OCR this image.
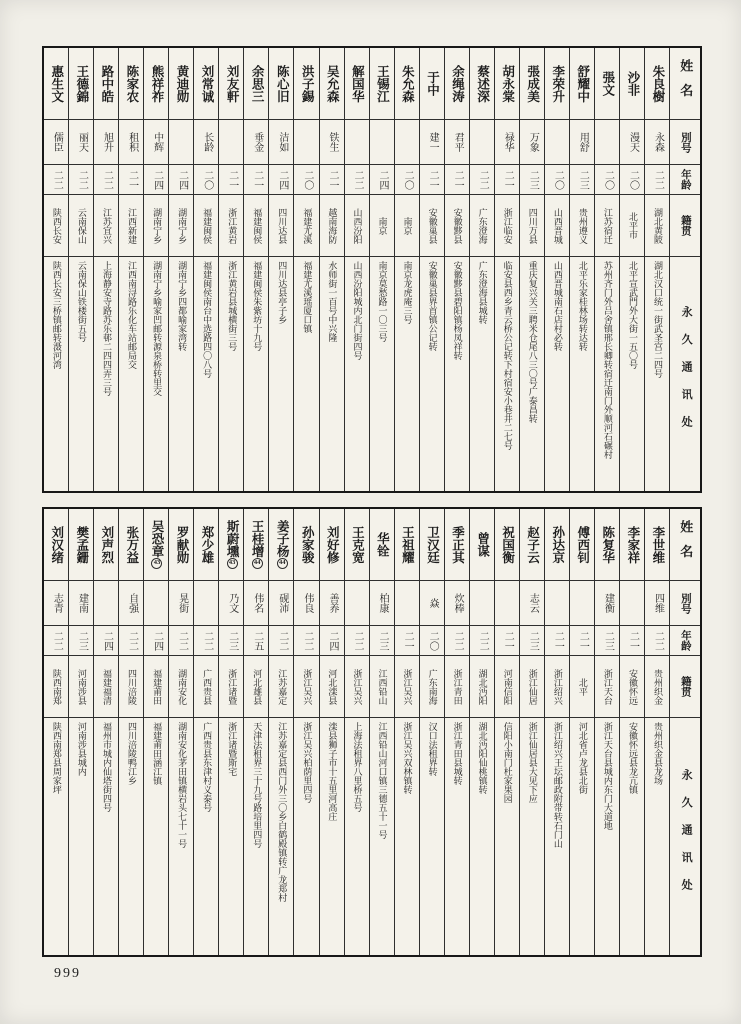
惠生文
儒臣
二二
陕西长安
陕西长安三桥镇邮转滠河湾
王德錦
丽天
二二
云南保山
云南保山铁楼街五号
路中皓
旭升
二二
江苏宜兴
上海静安寺路苏乐邨二四四弄三号
陈家农
租积
二一
江西新建
江西南浔路乐化车站邮局交
熊祥祚
中辉
二四
湖南宁乡
湖南宁乡喻家凹邮转源泉桥转里交
黄迪勋
二四
湖南宁乡
湖南宁乡四都喻家湾转
刘常诚
长龄
二〇
福建闽侯
福建闽侯南台中选路四〇八号
刘友軒
二一
浙江黄岩
浙江黄岩县城横街三号
余思三
垂金
二一
福建闽侯
福建闽侯朱紫坊十九号
陈心旧
洁如
二四
四川达县
四川达县亭子乡
洪子錫
二〇
福建尤溪
福建尤溪瑶厦口镇
吴允森
铁生
二一
越南海防
水师街一百号中兴隆
解国华
二二
山西汾阳
山西汾阳城内北门街四号
王锡江
二四
南京
南京莫愁路一〇三号
朱允森
二〇
南京
南京龙虎庵三号
于中
建一
二一
安徽巢县
安徽巢县界首镇公记转
余绳涛
君平
二一
安徽黟县
安徽黟县碧阳镇杨凤祥转
蔡述深
二二
广东澄海
广东澄海县城转
胡永棠
禄华
二一
浙江临安
临安县西乡青云桥公记转下村宿安小巷井二七号
張成美
万象
二三
四川万县
重庆复兴关三聘米仓尾八三〇号广泰昌转
李荣升
二〇
山西晋城
山西晋城南石店村必转
舒耀中
用舒
二三
贵州遵义
北平乐家桂林场转达转
張文
二〇
江苏宿迁
苏州齐门外吕舍镇邢长卿转宿迁南门外顺河石碾村
沙非
漫天
二〇
北平市
北平宣武門外大街一五〇号
朱良樹
永森
二二
湖北黄陂
湖北汉口统一街武圣宫二四号
姓名
別号
年龄
籍贯
永久通讯处
刘汉绪
志青
二二
陕西南郑
陕西南郑县周家坪
樊孟銏
建南
二三
河南涉县
河南涉县城内
刘声烈
二四
福建福清
福州市城内仙塔街四号
张万益
自强
二二
四川涪陵
四川涪陵鸭江乡
吴恐章43
二四
福建莆田
福建莆田涵江镇
罗献勋
晃街
二二
湖南安化
湖南安化茅田镇横岩头七十一号
郑少雄
二二
广西贵县
广西贵县东津村义泰号
斯蔚壎43
乃文
二三
浙江诸暨
浙江诸暨斯宅
王桂增44
伟名
二五
河北雄县
天津法租界三十九号路培里四号
姜子杨44
砚沛
二二
江苏嘉定
江苏嘉定县西门外三〇乡白鹤殿镇转广龙郑村
孙家骏
伟良
二二
浙江吴兴
浙江吴兴柏荫里四号
刘好修
善养
二四
河北滦县
滦县狮子市十五里河高庄
王克宽
二二
浙江吴兴
上海法租界八里桥五号
华铨
柏康
二三
江西铅山
江西铅山河口镇三德五十一号
王祖耀
二一
浙江吴兴
浙江吴兴双林镇转
卫汉廷
焱
二〇
广东南海
汉口法租界转
季正其
炊棒
二二
浙江青田
浙江青田县城转
曾谋
二二
湖北沔阳
湖北沔阳仙桃镇转
祝国衡
二一
河南信阳
信阳小南门杜家果园
赵子云
志云
二三
浙江仙居
浙江仙居县大见下应
孙达京
二一
浙江绍兴
浙江绍兴王坛邮政附带转石门山
傅西钊
二一
北平
河北省卢龙县北街
陈复华
建衡
二三
浙江天台
浙江天台县城内东门大道地
李家祥
二一
安徽怀远
安徽怀远县龙亢镇
李世维
四维
二二
贵州织金
贵州织金县龙场
姓名
別号
年龄
籍贯
永久通讯处
999
